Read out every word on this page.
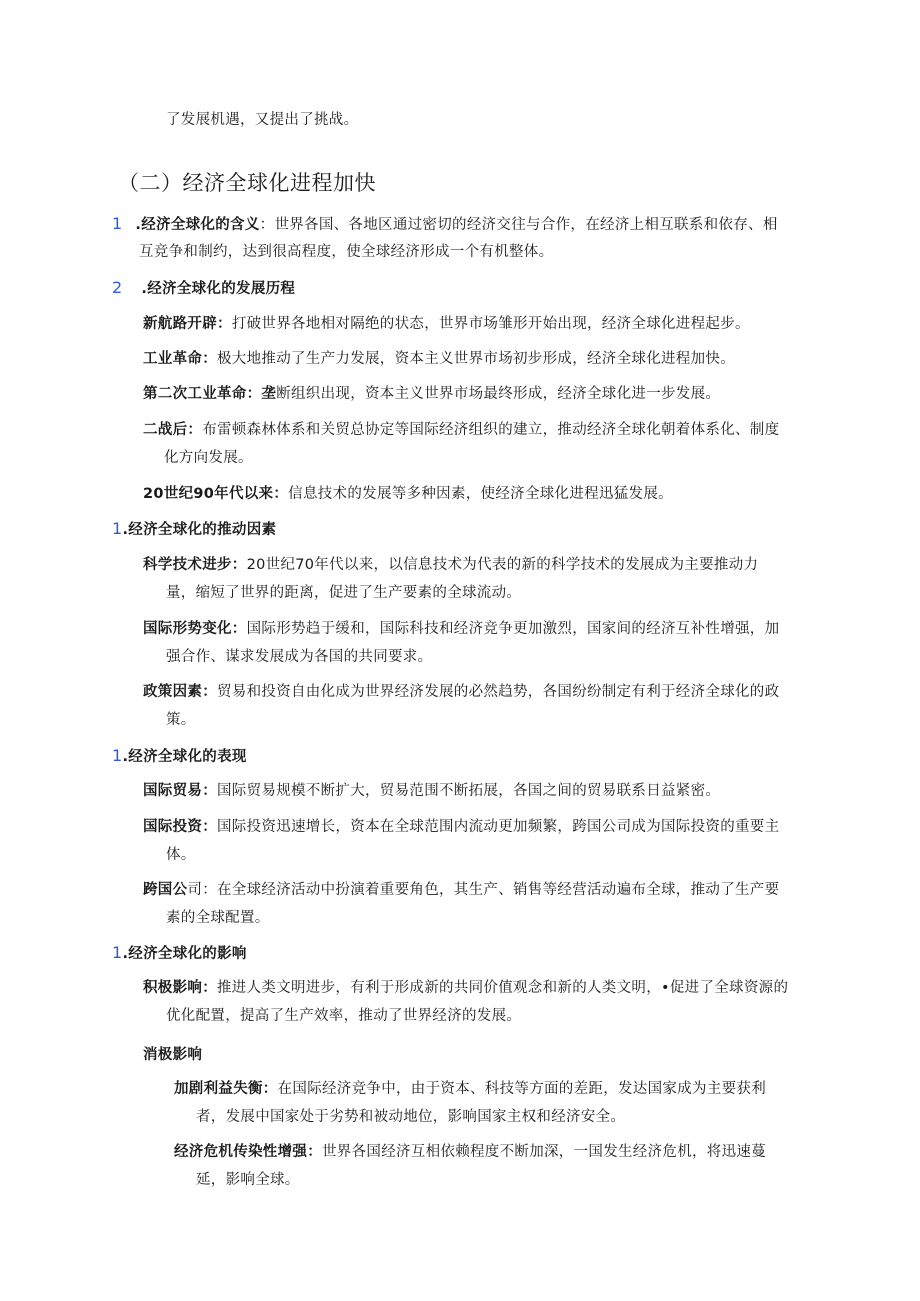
了发展机遇，又提出了挑战。
（二）经济全球化进程加快
1 .经济全球化的含义：世界各国、各地区通过密切的经济交往与合作，在经济上相互联系和依存、相
互竞争和制约，达到很高程度，使全球经济形成一个有机整体。
2 .经济全球化的发展历程
新航路开辟：打破世界各地相对隔绝的状态，世界市场雏形开始出现，经济全球化进程起步。
工业革命：极大地推动了生产力发展，资本主义世界市场初步形成，经济全球化进程加快。
第二次工业革命：垄断组织出现，资本主义世界市场最终形成，经济全球化进一步发展。
二战后：布雷顿森林体系和关贸总协定等国际经济组织的建立，推动经济全球化朝着体系化、制度
化方向发展。
20世纪90年代以来：信息技术的发展等多种因素，使经济全球化进程迅猛发展。
1.经济全球化的推动因素
科学技术进步：20世纪70年代以来，以信息技术为代表的新的科学技术的发展成为主要推动力
量，缩短了世界的距离，促进了生产要素的全球流动。
国际形势变化：国际形势趋于缓和，国际科技和经济竞争更加激烈，国家间的经济互补性增强，加
强合作、谋求发展成为各国的共同要求。
政策因素：贸易和投资自由化成为世界经济发展的必然趋势，各国纷纷制定有利于经济全球化的政
策。
1.经济全球化的表现
国际贸易：国际贸易规模不断扩大，贸易范围不断拓展，各国之间的贸易联系日益紧密。
国际投资：国际投资迅速增长，资本在全球范围内流动更加频繁，跨国公司成为国际投资的重要主
体。
跨国公司：在全球经济活动中扮演着重要角色，其生产、销售等经营活动遍布全球，推动了生产要
素的全球配置。
1.经济全球化的影响
积极影响：推进人类文明进步，有利于形成新的共同价值观念和新的人类文明，•促进了全球资源的
优化配置，提高了生产效率，推动了世界经济的发展。
消极影响
加剧利益失衡：在国际经济竞争中，由于资本、科技等方面的差距，发达国家成为主要获利
者，发展中国家处于劣势和被动地位，影响国家主权和经济安全。
经济危机传染性增强：世界各国经济互相依赖程度不断加深，一国发生经济危机，将迅速蔓
延，影响全球。
